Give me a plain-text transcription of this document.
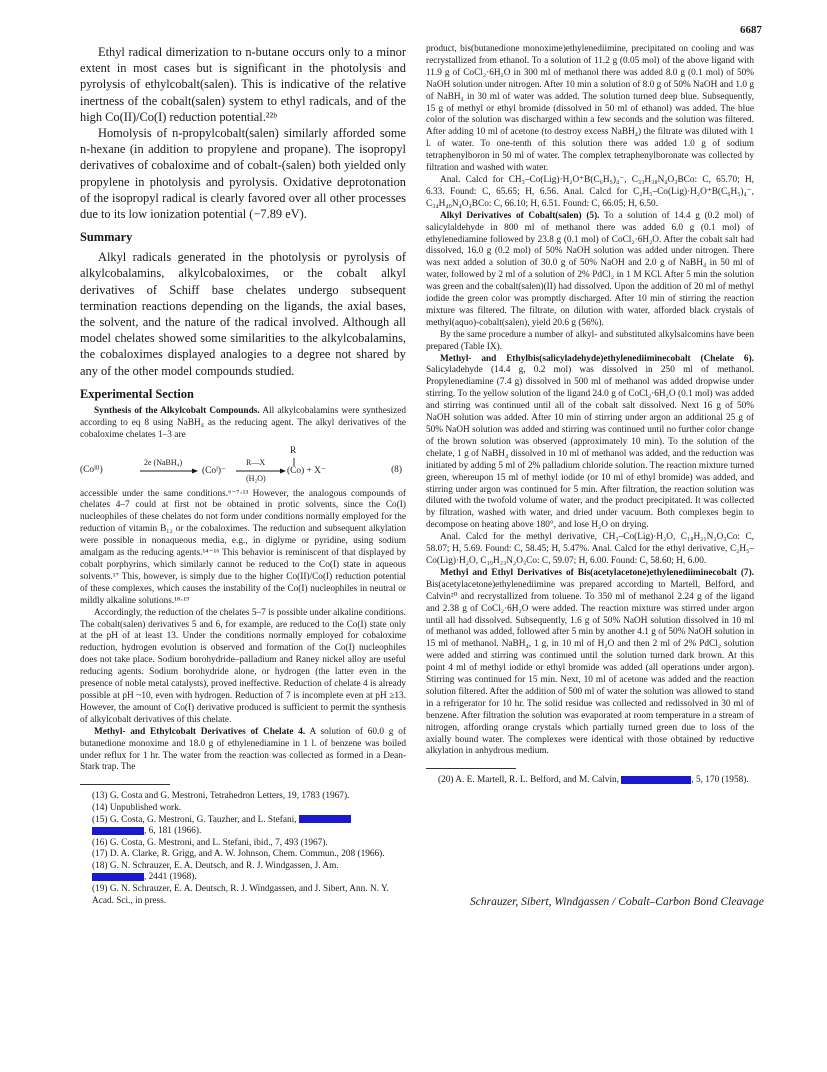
6687

Ethyl radical dimerization to n-butane occurs only to a minor extent in most cases but is significant in the photolysis and pyrolysis of ethylcobalt(salen). This is indicative of the relative inertness of the cobalt(salen) system to ethyl radicals, and of the high Co(II)/Co(I) reduction potential.²²ᵇ

Homolysis of n-propylcobalt(salen) similarly afforded some n-hexane (in addition to propylene and propane). The isopropyl derivatives of cobaloxime and of cobalt-(salen) both yielded only propylene in photolysis and pyrolysis. Oxidative deprotonation of the isopropyl radical is clearly favored over all other processes due to its low ionization potential (−7.89 eV).

Summary

Alkyl radicals generated in the photolysis or pyrolysis of alkylcobalamins, alkylcobaloximes, or the cobalt alkyl derivatives of Schiff base chelates undergo subsequent termination reactions depending on the ligands, the axial bases, the solvent, and the nature of the radical involved. Although all model chelates showed some similarities to the alkylcobalamins, the cobaloximes displayed analogies to a degree not shared by any of the other model compounds studied.

Experimental Section

Synthesis of the Alkylcobalt Compounds. All alkylcobalamins were synthesized according to eq 8 using NaBH₄ as the reducing agent. The alkyl derivatives of the cobaloxime chelates 1–3 are

(Coᴵᴵᴵ)
2e (NaBH₄)
(Coᴵ)⁻
R—X
(H₂O)
R
(Co) + X⁻	(8)

accessible under the same conditions.⁶⁻⁷·¹³ However, the analogous compounds of chelates 4–7 could at first not be obtained in protic solvents, since the Co(I) nucleophiles of these chelates do not form under conditions normally employed for the reduction of vitamin B₁₂ or the cobaloximes. The reduction and subsequent alkylation were possible in nonaqueous media, e.g., in diglyme or pyridine, using sodium amalgam as the reducing agents.¹⁴⁻¹⁶ This behavior is reminiscent of that displayed by cobalt porphyrins, which similarly cannot be reduced to the Co(I) state in aqueous solvents.¹⁷ This, however, is simply due to the higher Co(II)/Co(I) reduction potential of these complexes, which causes the instability of the Co(I) nucleophiles in neutral or mildly alkaline solutions.¹⁸·¹⁹

Accordingly, the reduction of the chelates 5–7 is possible under alkaline conditions. The cobalt(salen) derivatives 5 and 6, for example, are reduced to the Co(I) state only at the pH of at least 13. Under the conditions normally employed for cobaloxime reduction, hydrogen evolution is observed and formation of the Co(I) nucleophiles does not take place. Sodium borohydride–palladium and Raney nickel alloy are useful reducing agents. Sodium borohydride alone, or hydrogen (the latter even in the presence of noble metal catalysts), proved ineffective. Reduction of chelate 4 is already possible at pH ~10, even with hydrogen. Reduction of 7 is incomplete even at pH ≥13. However, the amount of Co(I) derivative produced is sufficient to permit the synthesis of alkylcobalt derivatives of this chelate.

Methyl- and Ethylcobalt Derivatives of Chelate 4. A solution of 60.0 g of butanedione monoxime and 18.0 g of ethylenediamine in 1 l. of benzene was boiled under reflux for 1 hr. The water from the reaction was collected as formed in a Dean-Stark trap. The

(13) G. Costa and G. Mestroni, Tetrahedron Letters, 19, 1783 (1967).
(14) Unpublished work.
(15) G. Costa, G. Mestroni, G. Tauzher, and L. Stefani,
, 6, 181 (1966).
(16) G. Costa, G. Mestroni, and L. Stefani, ibid., 7, 493 (1967).
(17) D. A. Clarke, R. Grigg, and A. W. Johnson, Chem. Commun., 208 (1966).
(18) G. N. Schrauzer, E. A. Deutsch, and R. J. Windgassen, J. Am.
, 2441 (1968).
(19) G. N. Schrauzer, E. A. Deutsch, R. J. Windgassen, and J. Sibert, Ann. N. Y. Acad. Sci., in press.

product, bis(butanedione monoxime)ethylenediimine, precipitated on cooling and was recrystallized from ethanol. To a solution of 11.2 g (0.05 mol) of the above ligand with 11.9 g of CoCl₂·6H₂O in 300 ml of methanol there was added 8.0 g (0.1 mol) of 50% NaOH solution under nitrogen. After 10 min a solution of 8.0 g of 50% NaOH and 1.0 g of NaBH₄ in 30 ml of water was added. The solution turned deep blue. Subsequently, 15 g of methyl or ethyl bromide (dissolved in 50 ml of ethanol) was added. The blue color of the solution was discharged within a few seconds and the solution was filtered. After adding 10 ml of acetone (to destroy excess NaBH₄) the filtrate was diluted with 1 l. of water. To one-tenth of this solution there was added 1.0 g of sodium tetraphenylboron in 50 ml of water. The complex tetraphenylboronate was collected by filtration and washed with water.

Anal. Calcd for CH₃–Co(Lig)·H₂O⁺B(C₆H₅)₄⁻, C₃₃H₃₈N₄O₃BCo: C, 65.70; H, 6.33. Found: C, 65.65; H, 6.56. Anal. Calcd for C₂H₅–Co(Lig)·H₂O⁺B(C₆H₅)₄⁻, C₃₄H₄₀N₄O₃BCo: C, 66.10; H, 6.51. Found: C, 66.05; H, 6.50.

Alkyl Derivatives of Cobalt(salen) (5). To a solution of 14.4 g (0.2 mol) of salicylaldehyde in 800 ml of methanol there was added 6.0 g (0.1 mol) of ethylenediamine followed by 23.8 g (0.1 mol) of CoCl₂·6H₂O. After the cobalt salt had dissolved, 16.0 g (0.2 mol) of 50% NaOH solution was added under nitrogen. There was next added a solution of 30.0 g of 50% NaOH and 2.0 g of NaBH₄ in 50 ml of water, followed by 2 ml of a solution of 2% PdCl₂ in 1 M KCl. After 5 min the solution was green and the cobalt(salen)(II) had dissolved. Upon the addition of 20 ml of methyl iodide the green color was promptly discharged. After 10 min of stirring the reaction mixture was filtered. The filtrate, on dilution with water, afforded black crystals of methyl(aquo)-cobalt(salen), yield 20.6 g (56%).

By the same procedure a number of alkyl- and substituted alkylsalcomins have been prepared (Table IX).

Methyl- and Ethylbis(salicyladehyde)ethylenediiminecobalt (Chelate 6). Salicyladehyde (14.4 g, 0.2 mol) was dissolved in 250 ml of methanol. Propylenediamine (7.4 g) dissolved in 500 ml of methanol was added dropwise under stirring. To the yellow solution of the ligand 24.0 g of CoCl₂·6H₂O (0.1 mol) was added and stirring was continued until all of the cobalt salt dissolved. Next 16 g of 50% NaOH solution was added. After 10 min of stirring under argon an additional 25 g of 50% NaOH solution was added and stirring was continued until no further color change of the brown solution was observed (approximately 10 min). To the solution of the chelate, 1 g of NaBH₄ dissolved in 10 ml of methanol was added, and the reduction was initiated by adding 5 ml of 2% palladium chloride solution. The reaction mixture turned green, whereupon 15 ml of methyl iodide (or 10 ml of ethyl bromide) was added, and stirring under argon was continued for 5 min. After filtration, the reaction solution was diluted with the twofold volume of water, and the product precipitated. It was collected by filtration, washed with water, and dried under vacuum. Both complexes begin to decompose on heating above 180°, and lose H₂O on drying.

Anal. Calcd for the methyl derivative, CH₃–Co(Lig)·H₂O, C₁₈H₂₁N₂O₃Co: C, 58.07; H, 5.69. Found: C, 58.45; H, 5.47%. Anal. Calcd for the ethyl derivative, C₂H₅–Co(Lig)·H₂O, C₁₉H₂₃N₂O₃Co: C, 59.07; H, 6.00. Found: C, 58.60; H, 6.00.

Methyl and Ethyl Derivatives of Bis(acetylacetone)ethylenediiminecobalt (7). Bis(acetylacetone)ethylenediimine was prepared according to Martell, Belford, and Calvin²⁰ and recrystallized from toluene. To 350 ml of methanol 2.24 g of the ligand and 2.38 g of CoCl₂·6H₂O were added. The reaction mixture was stirred under argon until all had dissolved. Subsequently, 1.6 g of 50% NaOH solution dissolved in 10 ml of methanol was added, followed after 5 min by another 4.1 g of 50% NaOH solution in 15 ml of methanol. NaBH₄, 1 g, in 10 ml of H₂O and then 2 ml of 2% PdCl₂ solution were added and stirring was continued until the solution turned dark brown. At this point 4 ml of methyl iodide or ethyl bromide was added (all operations under argon). Stirring was continued for 15 min. Next, 10 ml of acetone was added and the reaction solution filtered. After the addition of 500 ml of water the solution was allowed to stand in a refrigerator for 10 hr. The solid residue was collected and redissolved in 30 ml of benzene. After filtration the solution was evaporated at room temperature in a stream of nitrogen, affording orange crystals which partially turned green due to loss of the axially bound water. The complexes were identical with those obtained by reductive alkylation in anhydrous medium.

(20) A. E. Martell, R. L. Belford, and M. Calvin,	, 5, 170 (1958).
Schrauzer, Sibert, Windgassen / Cobalt–Carbon Bond Cleavage
